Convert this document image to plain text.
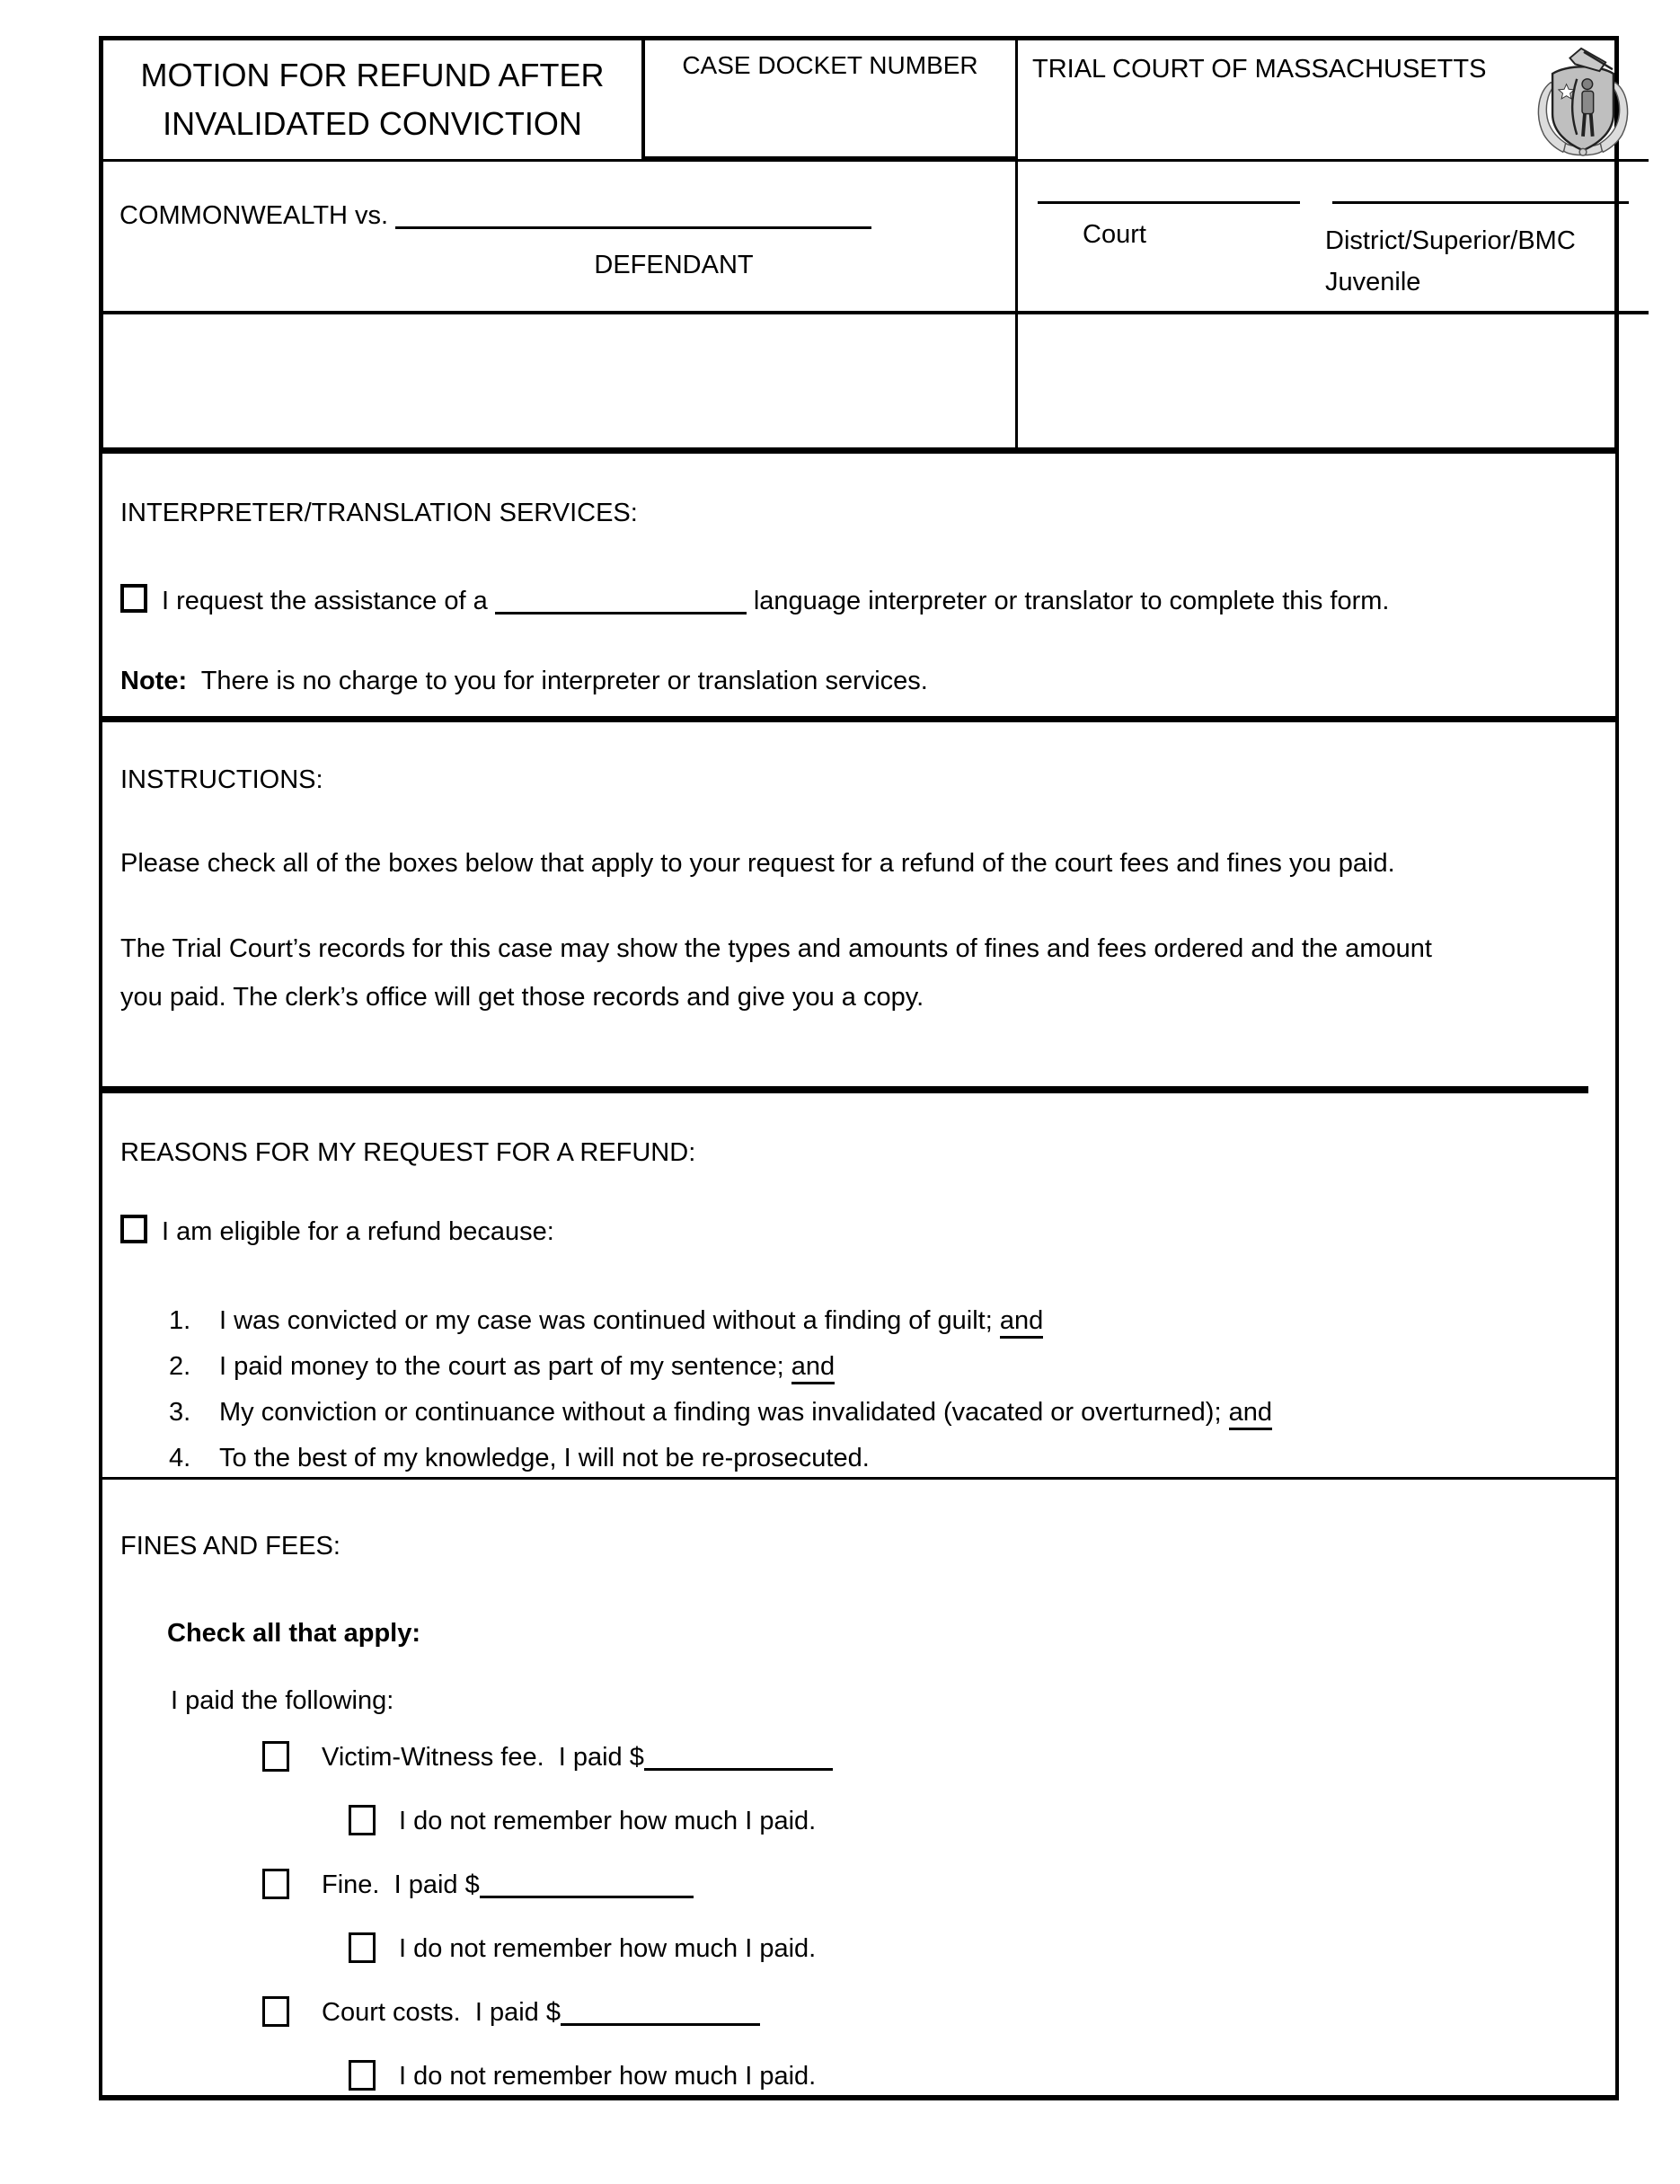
MOTION FOR REFUND AFTER
INVALIDATED CONVICTION
CASE DOCKET NUMBER	TRIAL COURT OF MASSACHUSETTS
COMMONWEALTH vs.
DEFENDANT

Court	District/Superior/BMC
Juvenile
INTERPRETER/TRANSLATION SERVICES:
I request the assistance of a	language interpreter or translator to complete this form.
Note:  There is no charge to you for interpreter or translation services.
INSTRUCTIONS:
Please check all of the boxes below that apply to your request for a refund of the court fees and fines you paid.
The Trial Court’s records for this case may show the types and amounts of fines and fees ordered and the amount you paid. The clerk’s office will get those records and give you a copy.
REASONS FOR MY REQUEST FOR A REFUND:
I am eligible for a refund because:
1. I was convicted or my case was continued without a finding of guilt; and
2. I paid money to the court as part of my sentence; and
3. My conviction or continuance without a finding was invalidated (vacated or overturned); and
4. To the best of my knowledge, I will not be re-prosecuted.
FINES AND FEES:
Check all that apply:
I paid the following:
Victim-Witness fee.  I paid $
I do not remember how much I paid.
Fine.  I paid $
I do not remember how much I paid.
Court costs.  I paid $
I do not remember how much I paid.
